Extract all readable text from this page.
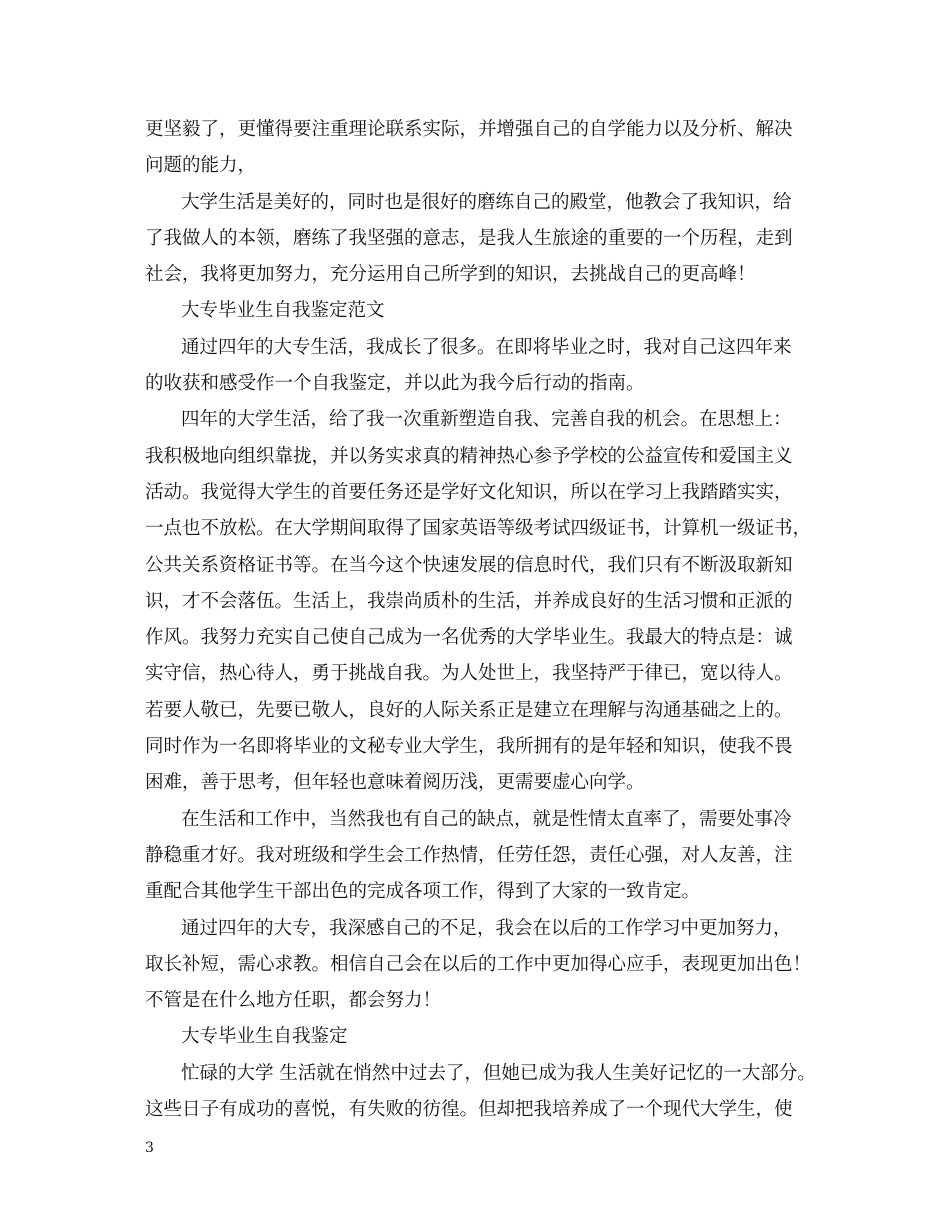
更坚毅了，更懂得要注重理论联系实际，并增强自己的自学能力以及分析、解决
问题的能力，
大学生活是美好的，同时也是很好的磨练自己的殿堂，他教会了我知识，给
了我做人的本领，磨练了我坚强的意志，是我人生旅途的重要的一个历程，走到
社会，我将更加努力，充分运用自己所学到的知识，去挑战自己的更高峰！
大专毕业生自我鉴定范文
通过四年的大专生活，我成长了很多。在即将毕业之时，我对自己这四年来
的收获和感受作一个自我鉴定，并以此为我今后行动的指南。
四年的大学生活，给了我一次重新塑造自我、完善自我的机会。在思想上：
我积极地向组织靠拢，并以务实求真的精神热心参予学校的公益宣传和爱国主义
活动。我觉得大学生的首要任务还是学好文化知识，所以在学习上我踏踏实实，
一点也不放松。在大学期间取得了国家英语等级考试四级证书，计算机一级证书，
公共关系资格证书等。在当今这个快速发展的信息时代，我们只有不断汲取新知
识，才不会落伍。生活上，我崇尚质朴的生活，并养成良好的生活习惯和正派的
作风。我努力充实自己使自己成为一名优秀的大学毕业生。我最大的特点是：诚
实守信，热心待人，勇于挑战自我。为人处世上，我坚持严于律已，宽以待人。
若要人敬已，先要已敬人，良好的人际关系正是建立在理解与沟通基础之上的。
同时作为一名即将毕业的文秘专业大学生，我所拥有的是年轻和知识，使我不畏
困难，善于思考，但年轻也意味着阅历浅，更需要虚心向学。
在生活和工作中，当然我也有自己的缺点，就是性情太直率了，需要处事冷
静稳重才好。我对班级和学生会工作热情，任劳任怨，责任心强，对人友善，注
重配合其他学生干部出色的完成各项工作，得到了大家的一致肯定。
通过四年的大专，我深感自己的不足，我会在以后的工作学习中更加努力，
取长补短，需心求教。相信自己会在以后的工作中更加得心应手，表现更加出色！
不管是在什么地方任职，都会努力！
大专毕业生自我鉴定
忙碌的大学 生活就在悄然中过去了，但她已成为我人生美好记忆的一大部分。
这些日子有成功的喜悦，有失败的彷徨。但却把我培养成了一个现代大学生，使
3
